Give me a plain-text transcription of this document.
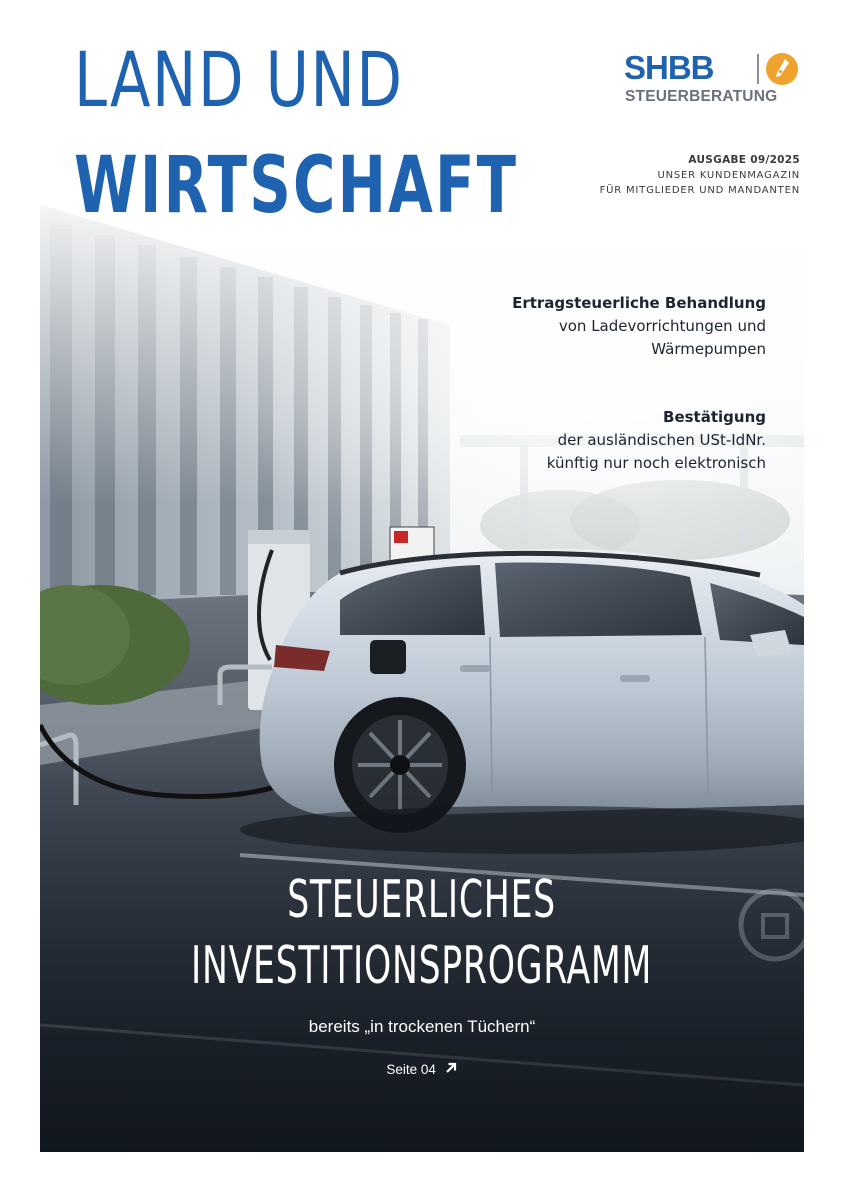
LAND UND
WIRTSCHAFT
SHBB
STEUERBERATUNG
AUSGABE 09/2025
UNSER KUNDENMAGAZIN
FÜR MITGLIEDER UND MANDANTEN
Ertragsteuerliche Behandlung
von Ladevorrichtungen und
Wärmepumpen
Bestätigung
der ausländischen USt-IdNr.
künftig nur noch elektronisch
STEUERLICHES
INVESTITIONSPROGRAMM
bereits „in trockenen Tüchern“
Seite 04
